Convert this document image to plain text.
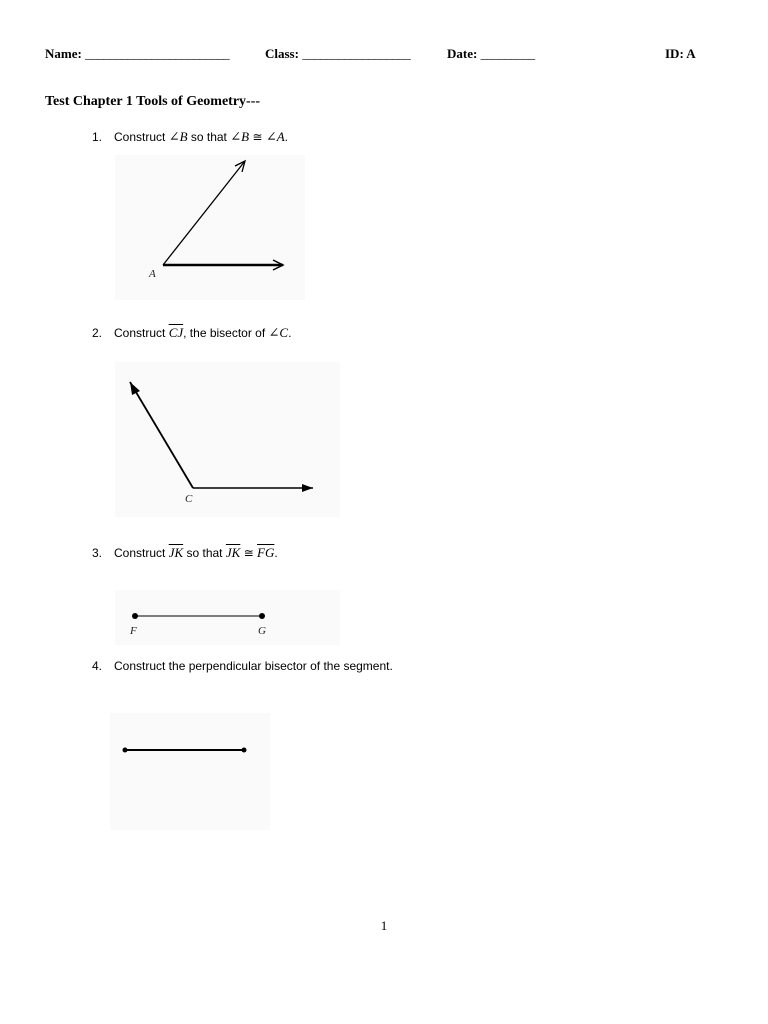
Name: ________________________	Class: __________________	Date: _________	ID: A
Test Chapter 1 Tools of Geometry---
1. Construct ∠B so that ∠B ≅ ∠A.
A
2. Construct $\overline{CJ}$, the bisector of ∠C.
C
3. Construct $\overline{JK}$ so that $\overline{JK}$ ≅ $\overline{FG}$.
F	G
4. Construct the perpendicular bisector of the segment.
1
